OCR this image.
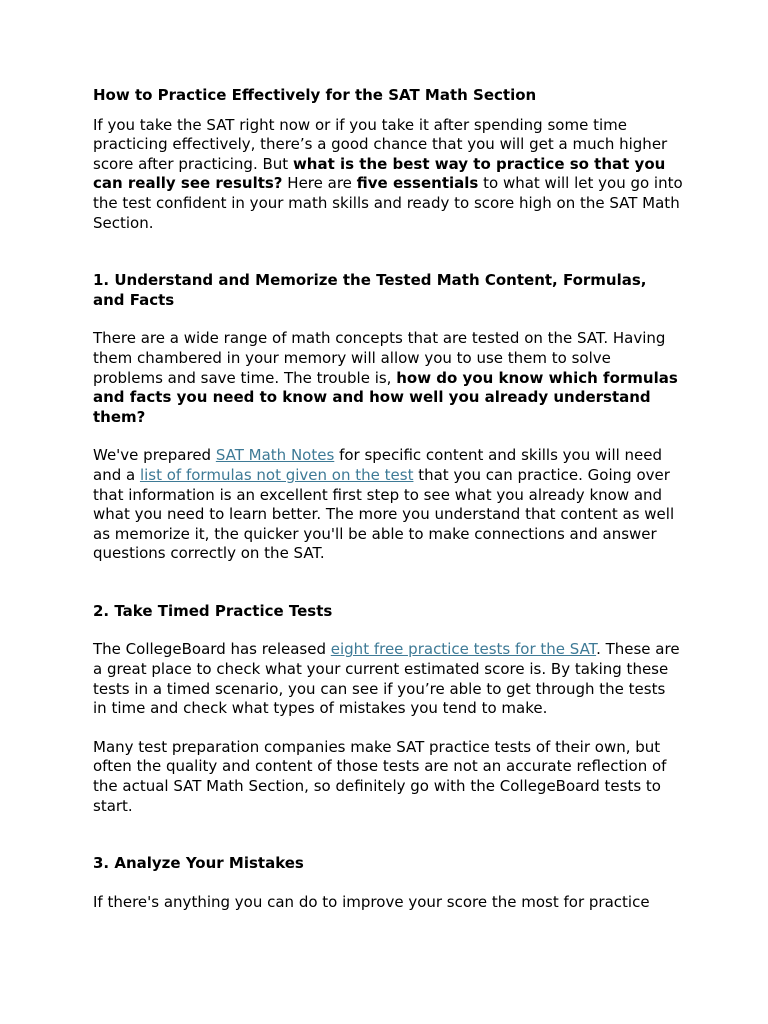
How to Practice Effectively for the SAT Math Section

If you take the SAT right now or if you take it after spending some time practicing effectively, there’s a good chance that you will get a much higher score after practicing. But what is the best way to practice so that you can really see results? Here are five essentials to what will let you go into the test confident in your math skills and ready to score high on the SAT Math Section.

1. Understand and Memorize the Tested Math Content, Formulas, and Facts

There are a wide range of math concepts that are tested on the SAT. Having them chambered in your memory will allow you to use them to solve problems and save time. The trouble is, how do you know which formulas and facts you need to know and how well you already understand them?

We've prepared SAT Math Notes for specific content and skills you will need and a list of formulas not given on the test that you can practice. Going over that information is an excellent first step to see what you already know and what you need to learn better. The more you understand that content as well as memorize it, the quicker you'll be able to make connections and answer questions correctly on the SAT.

2. Take Timed Practice Tests

The CollegeBoard has released eight free practice tests for the SAT. These are a great place to check what your current estimated score is. By taking these tests in a timed scenario, you can see if you’re able to get through the tests in time and check what types of mistakes you tend to make.

Many test preparation companies make SAT practice tests of their own, but often the quality and content of those tests are not an accurate reflection of the actual SAT Math Section, so definitely go with the CollegeBoard tests to start.

3. Analyze Your Mistakes

If there's anything you can do to improve your score the most for practice
